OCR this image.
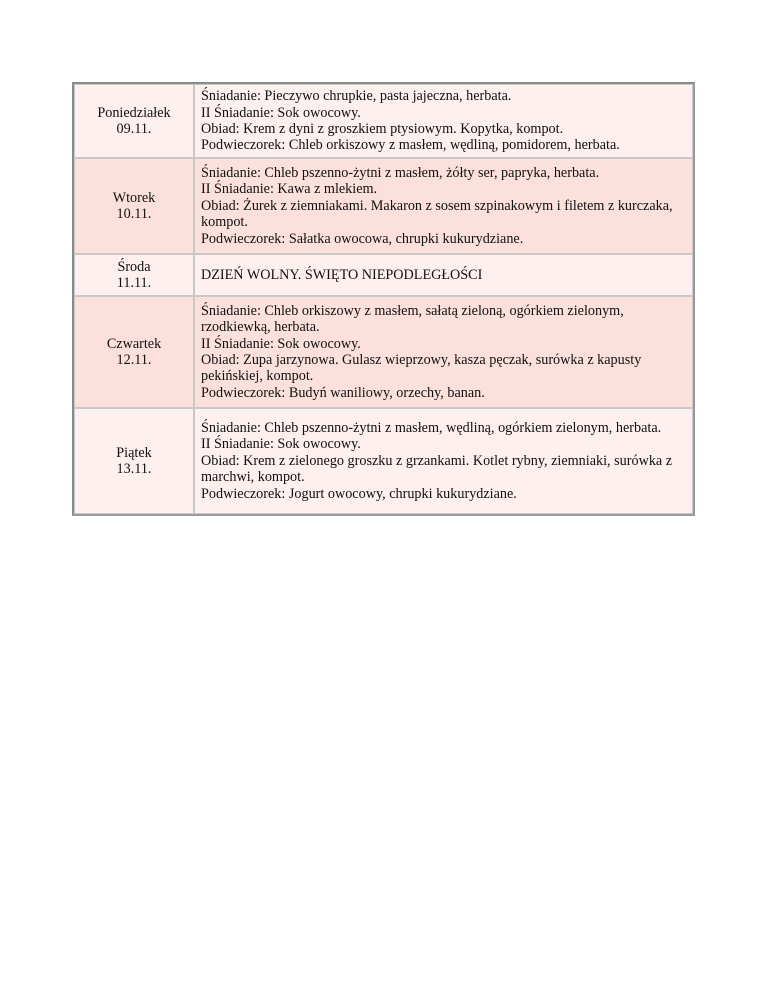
Poniedziałek
09.11.	Śniadanie: Pieczywo chrupkie, pasta jajeczna, herbata.
II Śniadanie: Sok owocowy.
Obiad: Krem z dyni z groszkiem ptysiowym. Kopytka, kompot.
Podwieczorek: Chleb orkiszowy z masłem, wędliną, pomidorem, herbata.

Wtorek
10.11.	Śniadanie: Chleb pszenno-żytni z masłem, żółty ser, papryka, herbata.
II Śniadanie: Kawa z mlekiem.
Obiad: Żurek z ziemniakami. Makaron z sosem szpinakowym i filetem z kurczaka, kompot.
Podwieczorek: Sałatka owocowa, chrupki kukurydziane.

Środa
11.11.	DZIEŃ WOLNY. ŚWIĘTO NIEPODLEGŁOŚCI

Czwartek
12.11.	Śniadanie: Chleb orkiszowy z masłem, sałatą zieloną, ogórkiem zielonym, rzodkiewką, herbata.
II Śniadanie: Sok owocowy.
Obiad: Zupa jarzynowa. Gulasz wieprzowy, kasza pęczak, surówka z kapusty pekińskiej, kompot.
Podwieczorek: Budyń waniliowy, orzechy, banan.

Piątek
13.11.	Śniadanie: Chleb pszenno-żytni z masłem, wędliną, ogórkiem zielonym, herbata.
II Śniadanie: Sok owocowy.
Obiad: Krem z zielonego groszku z grzankami. Kotlet rybny, ziemniaki, surówka z marchwi, kompot.
Podwieczorek: Jogurt owocowy, chrupki kukurydziane.
